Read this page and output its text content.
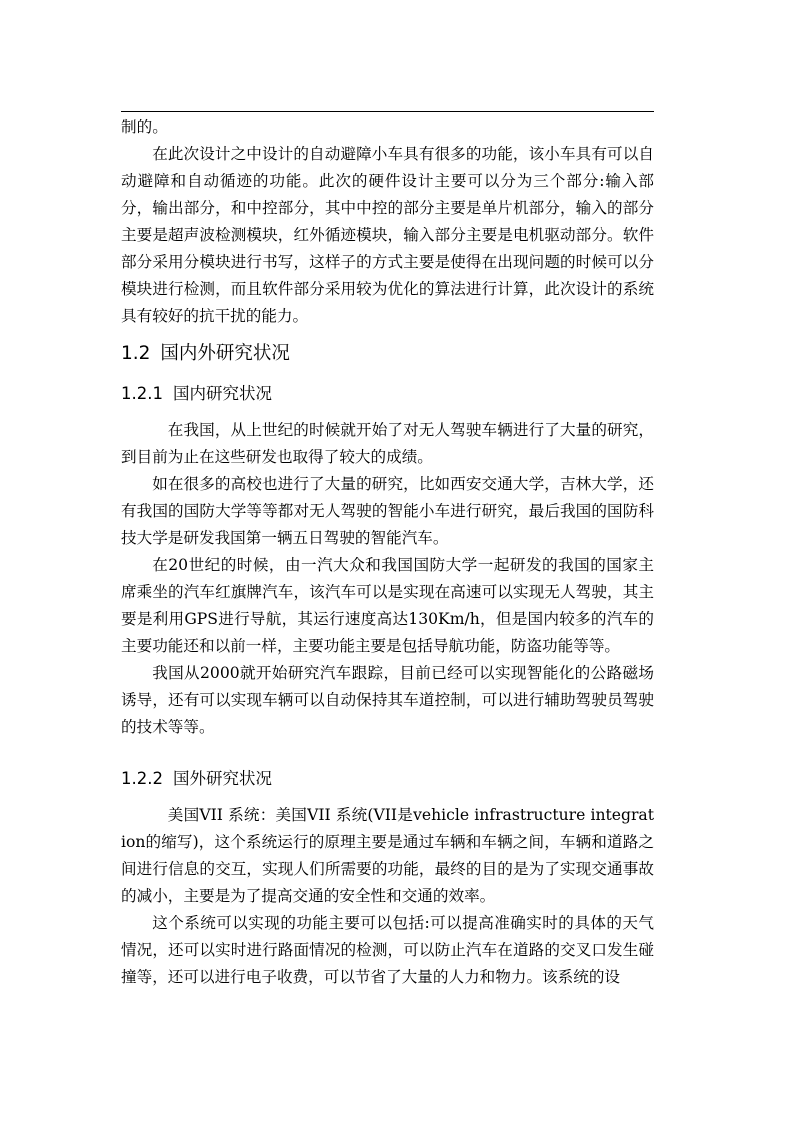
制的。

在此次设计之中设计的自动避障小车具有很多的功能，该小车具有可以自动避障和自动循迹的功能。此次的硬件设计主要可以分为三个部分:输入部分，输出部分，和中控部分，其中中控的部分主要是单片机部分，输入的部分主要是超声波检测模块，红外循迹模块，输入部分主要是电机驱动部分。软件部分采用分模块进行书写，这样子的方式主要是使得在出现问题的时候可以分模块进行检测，而且软件部分采用较为优化的算法进行计算，此次设计的系统具有较好的抗干扰的能力。

1.2 国内外研究状况
1.2.1 国内研究状况

在我国，从上世纪的时候就开始了对无人驾驶车辆进行了大量的研究，到目前为止在这些研发也取得了较大的成绩。

如在很多的高校也进行了大量的研究，比如西安交通大学，吉林大学，还有我国的国防大学等等都对无人驾驶的智能小车进行研究，最后我国的国防科技大学是研发我国第一辆五日驾驶的智能汽车。

在20世纪的时候，由一汽大众和我国国防大学一起研发的我国的国家主席乘坐的汽车红旗牌汽车，该汽车可以是实现在高速可以实现无人驾驶，其主要是利用GPS进行导航，其运行速度高达130Km/h，但是国内较多的汽车的主要功能还和以前一样，主要功能主要是包括导航功能，防盗功能等等。

我国从2000就开始研究汽车跟踪，目前已经可以实现智能化的公路磁场诱导，还有可以实现车辆可以自动保持其车道控制，可以进行辅助驾驶员驾驶的技术等等。

1.2.2 国外研究状况

美国VII 系统：美国VII 系统(VII是vehicle infrastructure integration的缩写)，这个系统运行的原理主要是通过车辆和车辆之间，车辆和道路之间进行信息的交互，实现人们所需要的功能，最终的目的是为了实现交通事故的减小，主要是为了提高交通的安全性和交通的效率。

这个系统可以实现的功能主要可以包括:可以提高准确实时的具体的天气情况，还可以实时进行路面情况的检测，可以防止汽车在道路的交叉口发生碰撞等，还可以进行电子收费，可以节省了大量的人力和物力。该系统的设
